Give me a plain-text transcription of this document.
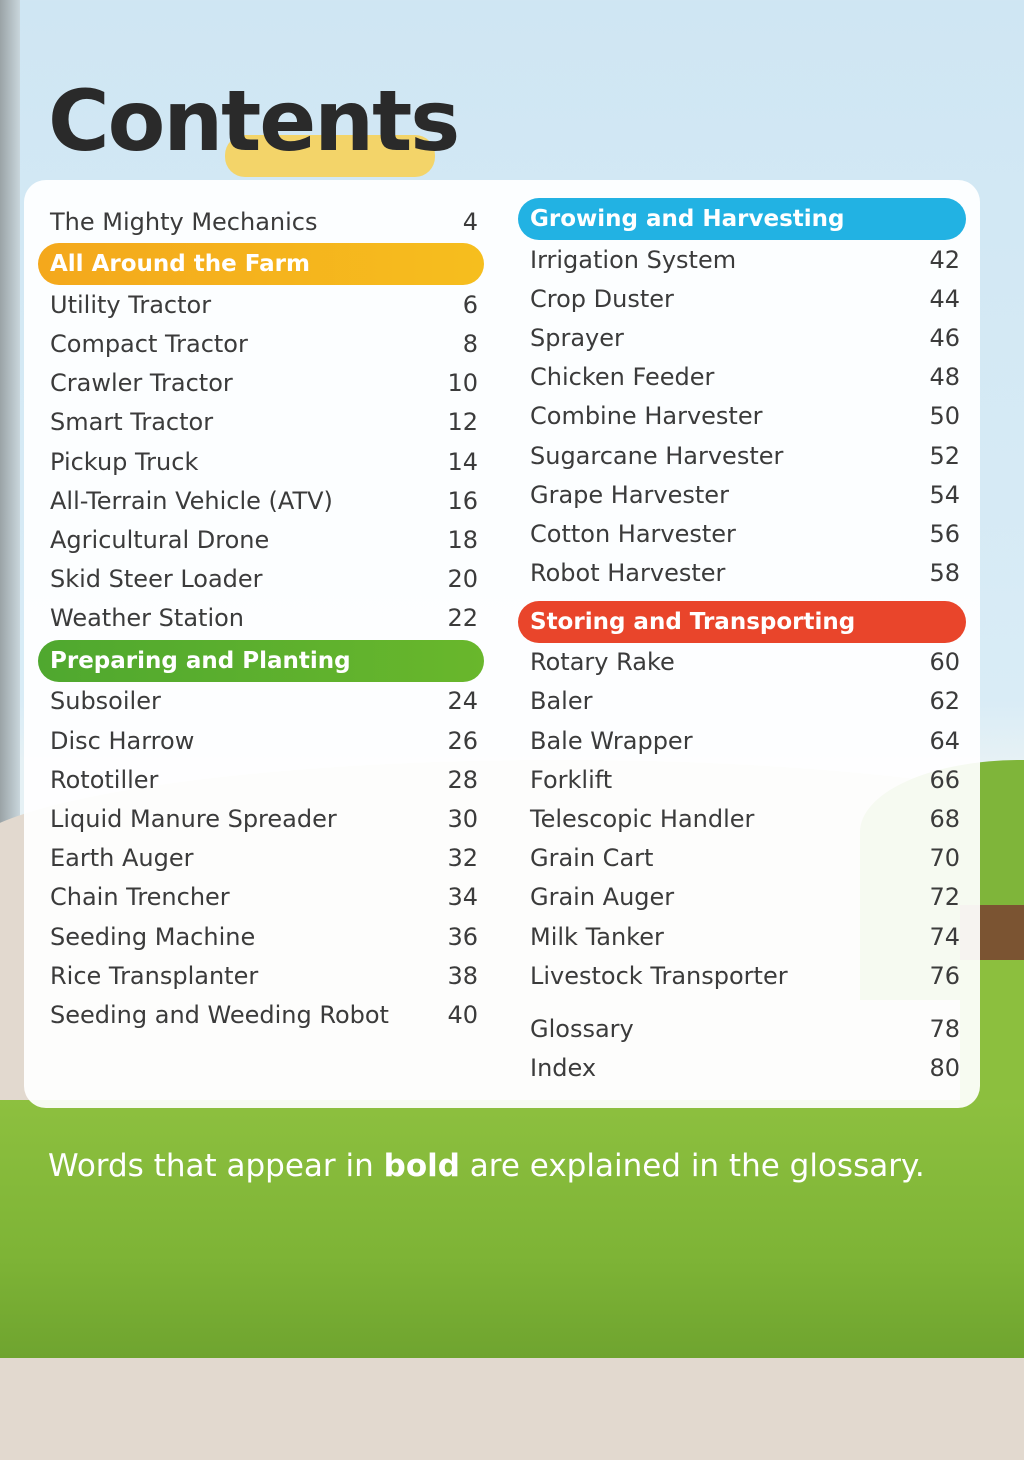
Contents
The Mighty Mechanics	4
All Around the Farm
Utility Tractor	6
Compact Tractor	8
Crawler Tractor	10
Smart Tractor	12
Pickup Truck	14
All-Terrain Vehicle (ATV)	16
Agricultural Drone	18
Skid Steer Loader	20
Weather Station	22
Preparing and Planting
Subsoiler	24
Disc Harrow	26
Rototiller	28
Liquid Manure Spreader	30
Earth Auger	32
Chain Trencher	34
Seeding Machine	36
Rice Transplanter	38
Seeding and Weeding Robot 40
Growing and Harvesting
Irrigation System	42
Crop Duster	44
Sprayer	46
Chicken Feeder	48
Combine Harvester	50
Sugarcane Harvester	52
Grape Harvester	54
Cotton Harvester	56
Robot Harvester	58
Storing and Transporting
Rotary Rake	60
Baler	62
Bale Wrapper	64
Forklift	66
Telescopic Handler	68
Grain Cart	70
Grain Auger	72
Milk Tanker	74
Livestock Transporter	76
Glossary	78
Index	80
Words that appear in bold are explained in the glossary.
